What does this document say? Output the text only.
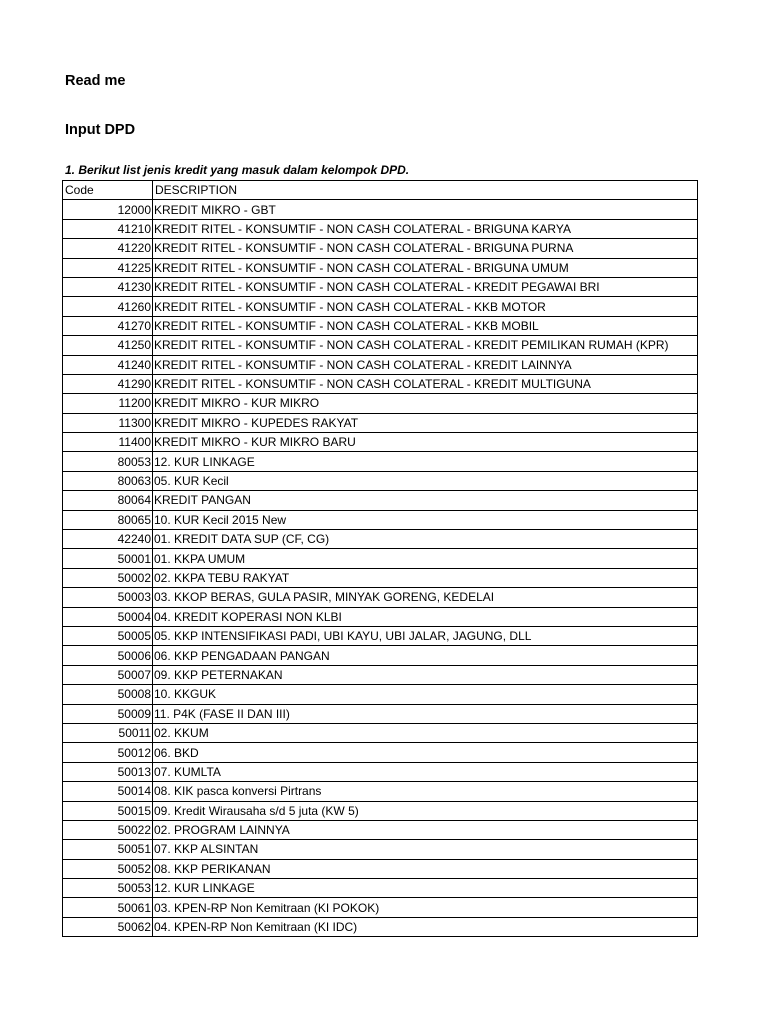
Read me
Input DPD

1. Berikut list jenis kredit yang masuk dalam kelompok DPD.

Code	DESCRIPTION
12000	KREDIT MIKRO - GBT
41210	KREDIT RITEL - KONSUMTIF - NON CASH COLATERAL - BRIGUNA KARYA
41220	KREDIT RITEL - KONSUMTIF - NON CASH COLATERAL - BRIGUNA PURNA
41225	KREDIT RITEL - KONSUMTIF - NON CASH COLATERAL - BRIGUNA UMUM
41230	KREDIT RITEL - KONSUMTIF - NON CASH COLATERAL - KREDIT PEGAWAI BRI
41260	KREDIT RITEL - KONSUMTIF - NON CASH COLATERAL - KKB MOTOR
41270	KREDIT RITEL - KONSUMTIF - NON CASH COLATERAL - KKB MOBIL
41250	KREDIT RITEL - KONSUMTIF - NON CASH COLATERAL - KREDIT PEMILIKAN RUMAH (KPR)
41240	KREDIT RITEL - KONSUMTIF - NON CASH COLATERAL - KREDIT LAINNYA
41290	KREDIT RITEL - KONSUMTIF - NON CASH COLATERAL - KREDIT MULTIGUNA
11200	KREDIT MIKRO - KUR MIKRO
11300	KREDIT MIKRO - KUPEDES RAKYAT
11400	KREDIT MIKRO - KUR MIKRO BARU
80053	12. KUR LINKAGE
80063	05. KUR Kecil
80064	KREDIT PANGAN
80065	10. KUR Kecil 2015 New
42240	01. KREDIT DATA SUP (CF, CG)
50001	01. KKPA UMUM
50002	02. KKPA TEBU RAKYAT
50003	03. KKOP BERAS, GULA PASIR, MINYAK GORENG, KEDELAI
50004	04. KREDIT KOPERASI NON KLBI
50005	05. KKP INTENSIFIKASI PADI, UBI KAYU, UBI JALAR, JAGUNG, DLL
50006	06. KKP PENGADAAN PANGAN
50007	09. KKP PETERNAKAN
50008	10. KKGUK
50009	11. P4K (FASE II DAN III)
50011	02. KKUM
50012	06. BKD
50013	07. KUMLTA
50014	08. KIK pasca konversi Pirtrans
50015	09. Kredit Wirausaha s/d 5 juta (KW 5)
50022	02. PROGRAM LAINNYA
50051	07. KKP ALSINTAN
50052	08. KKP PERIKANAN
50053	12. KUR LINKAGE
50061	03. KPEN-RP Non Kemitraan (KI POKOK)
50062	04. KPEN-RP Non Kemitraan (KI IDC)
